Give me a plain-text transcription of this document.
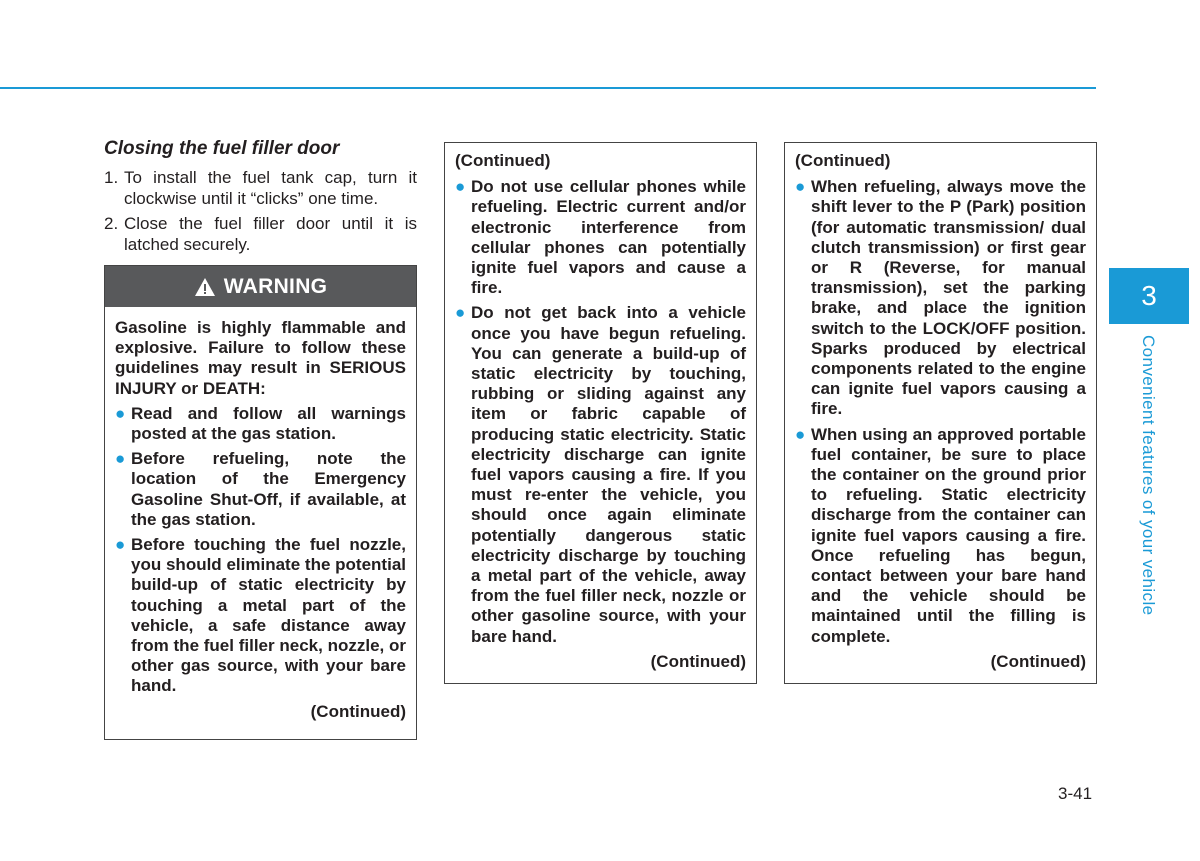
Closing the fuel filler door
1. To install the fuel tank cap, turn it clockwise until it “clicks” one time.
2. Close the fuel filler door until it is latched securely.
WARNING

Gasoline is highly flammable and explosive. Failure to follow these guidelines may result in SERIOUS INJURY or DEATH:

● Read and follow all warnings posted at the gas station.
● Before refueling, note the location of the Emergency Gasoline Shut-Off, if available, at the gas station.
● Before touching the fuel nozzle, you should eliminate the potential build-up of static electricity by touching a metal part of the vehicle, a safe distance away from the fuel filler neck, nozzle, or other gas source, with your bare hand.
(Continued)
(Continued)
● Do not use cellular phones while refueling. Electric current and/or electronic interference from cellular phones can potentially ignite fuel vapors and cause a fire.
● Do not get back into a vehicle once you have begun refueling. You can generate a build-up of static electricity by touching, rubbing or sliding against any item or fabric capable of producing static electricity. Static electricity discharge can ignite fuel vapors causing a fire. If you must re-enter the vehicle, you should once again eliminate potentially dangerous static electricity discharge by touching a metal part of the vehicle, away from the fuel filler neck, nozzle or other gasoline source, with your bare hand.
(Continued)
(Continued)
● When refueling, always move the shift lever to the P (Park) position (for automatic transmission/ dual clutch transmission) or first gear or R (Reverse, for manual transmission), set the parking brake, and place the ignition switch to the LOCK/OFF position. Sparks produced by electrical components related to the engine can ignite fuel vapors causing a fire.
● When using an approved portable fuel container, be sure to place the container on the ground prior to refueling. Static electricity discharge from the container can ignite fuel vapors causing a fire. Once refueling has begun, contact between your bare hand and the vehicle should be maintained until the filling is complete.
(Continued)
3
Convenient features of your vehicle
3-41
